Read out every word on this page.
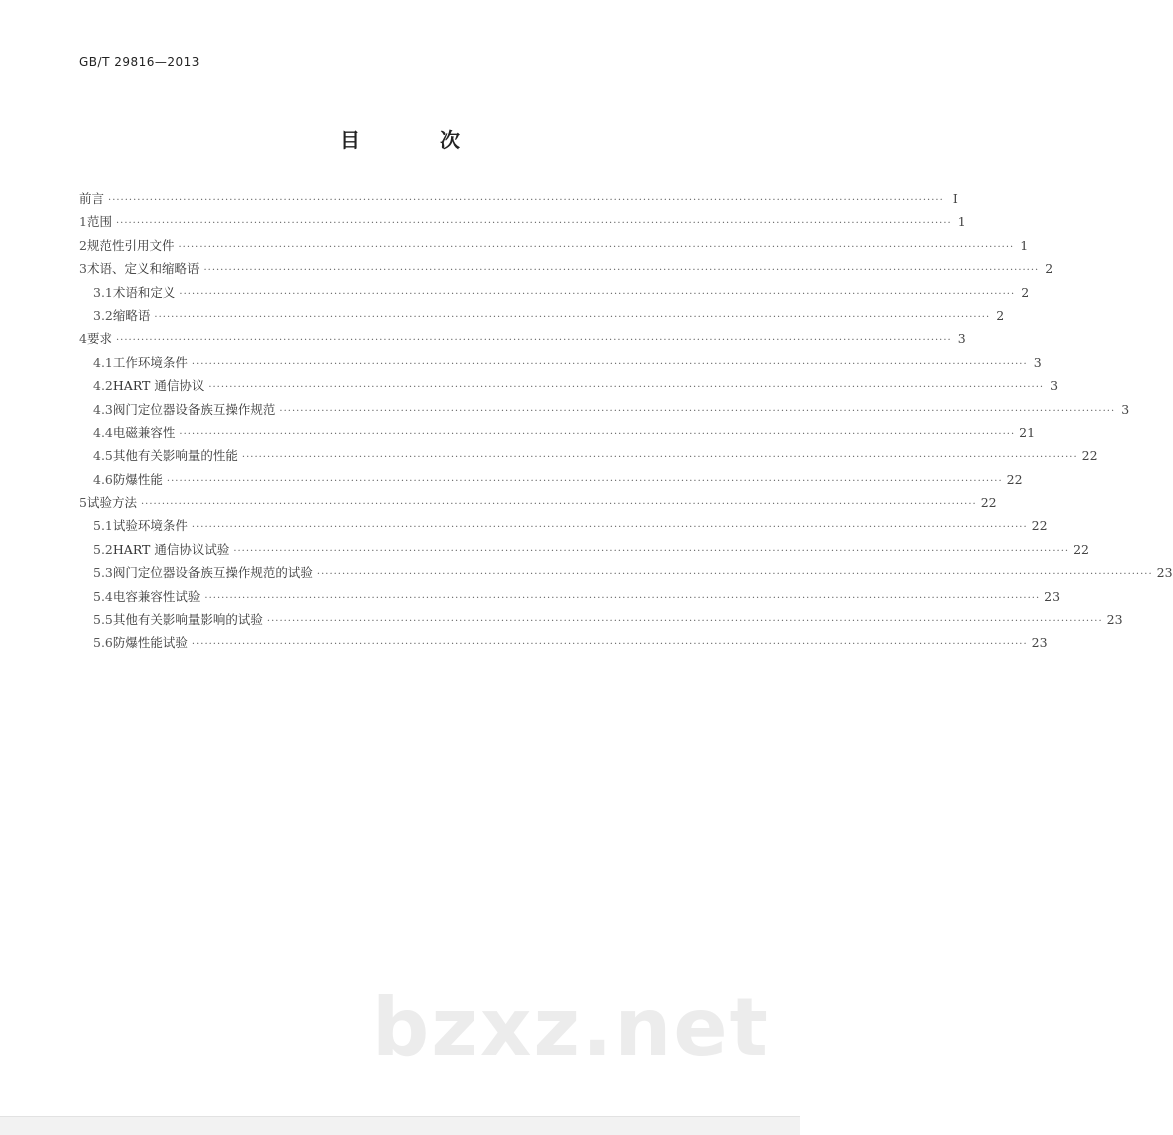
GB/T 29816—2013
目　次
前言 ········································································································································································································ Ⅰ
1 范围 ········································································································································································································ 1
2 规范性引用文件 ········································································································································································································ 1
3 术语、定义和缩略语 ········································································································································································································ 2
3.1 术语和定义 ········································································································································································································ 2
3.2 缩略语 ········································································································································································································ 2
4 要求 ········································································································································································································ 3
4.1 工作环境条件 ········································································································································································································ 3
4.2 HART 通信协议 ········································································································································································································ 3
4.3 阀门定位器设备族互操作规范 ········································································································································································································ 3
4.4 电磁兼容性 ········································································································································································································ 21
4.5 其他有关影响量的性能 ········································································································································································································ 22
4.6 防爆性能 ········································································································································································································ 22
5 试验方法 ········································································································································································································ 22
5.1 试验环境条件 ········································································································································································································ 22
5.2 HART 通信协议试验 ········································································································································································································ 22
5.3 阀门定位器设备族互操作规范的试验 ········································································································································································································ 23
5.4 电容兼容性试验 ········································································································································································································ 23
5.5 其他有关影响量影响的试验 ········································································································································································································ 23
5.6 防爆性能试验 ········································································································································································································ 23
bzxz.net
